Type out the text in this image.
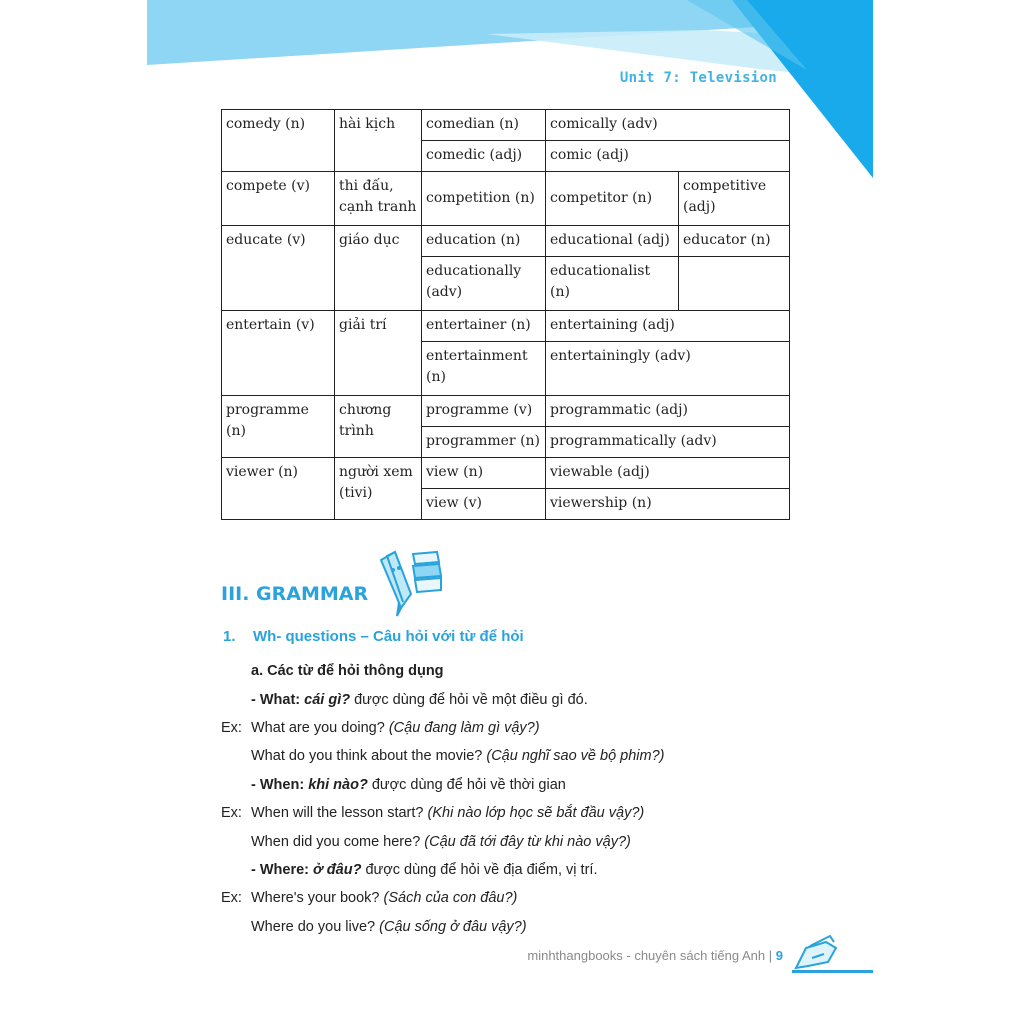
Unit 7: Television
comedy (n)	hài kịch	comedian (n)	comically (adv)	
		comedic (adj)	comic (adj)	
compete (v)	thi đấu, cạnh tranh	competition (n)	competitor (n)	competitive (adj)
educate (v)	giáo dục	education (n)	educational (adj)	educator (n)
		educationally (adv)	educationalist (n)	
entertain (v)	giải trí	entertainer (n)	entertaining (adj)	
		entertainment (n)	entertainingly (adv)	
programme (n)	chương trình	programme (v)	programmatic (adj)	
		programmer (n)	programmatically (adv)	
viewer (n)	người xem (tivi)	view (n)	viewable (adj)	
		view (v)	viewership (n)	
III. GRAMMAR
1. Wh- questions – Câu hỏi với từ để hỏi
a. Các từ để hỏi thông dụng
- What: cái gì? được dùng để hỏi về một điều gì đó.
Ex: What are you doing? (Cậu đang làm gì vậy?)
What do you think about the movie? (Cậu nghĩ sao về bộ phim?)
- When: khi nào? được dùng để hỏi về thời gian
Ex: When will the lesson start? (Khi nào lớp học sẽ bắt đầu vậy?)
When did you come here? (Cậu đã tới đây từ khi nào vậy?)
- Where: ở đâu? được dùng để hỏi về địa điểm, vị trí.
Ex: Where's your book? (Sách của con đâu?)
Where do you live? (Cậu sống ở đâu vậy?)
minhthangbooks - chuyên sách tiếng Anh | 9
